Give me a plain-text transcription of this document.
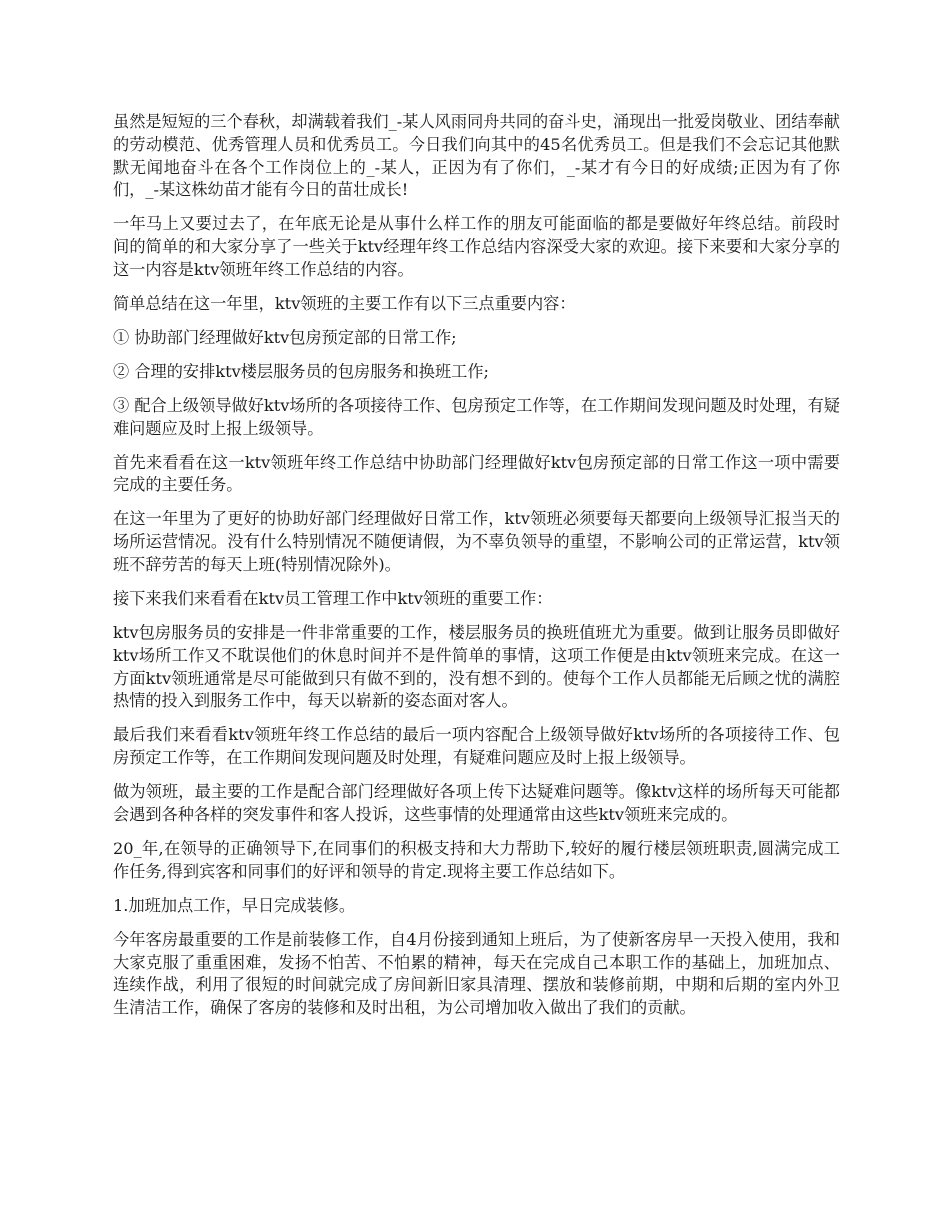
虽然是短短的三个春秋，却满载着我们_-某人风雨同舟共同的奋斗史，涌现出一批爱岗敬业、团结奉献的劳动模范、优秀管理人员和优秀员工。今日我们向其中的45名优秀员工。但是我们不会忘记其他默默无闻地奋斗在各个工作岗位上的_-某人，正因为有了你们，_-某才有今日的好成绩;正因为有了你们，_-某这株幼苗才能有今日的苗壮成长!

一年马上又要过去了，在年底无论是从事什么样工作的朋友可能面临的都是要做好年终总结。前段时间的简单的和大家分享了一些关于ktv经理年终工作总结内容深受大家的欢迎。接下来要和大家分享的这一内容是ktv领班年终工作总结的内容。

简单总结在这一年里，ktv领班的主要工作有以下三点重要内容：

① 协助部门经理做好ktv包房预定部的日常工作;

② 合理的安排ktv楼层服务员的包房服务和换班工作;

③ 配合上级领导做好ktv场所的各项接待工作、包房预定工作等，在工作期间发现问题及时处理，有疑难问题应及时上报上级领导。

首先来看看在这一ktv领班年终工作总结中协助部门经理做好ktv包房预定部的日常工作这一项中需要完成的主要任务。

在这一年里为了更好的协助好部门经理做好日常工作，ktv领班必须要每天都要向上级领导汇报当天的场所运营情况。没有什么特别情况不随便请假，为不辜负领导的重望，不影响公司的正常运营，ktv领班不辞劳苦的每天上班(特别情况除外)。

接下来我们来看看在ktv员工管理工作中ktv领班的重要工作：

ktv包房服务员的安排是一件非常重要的工作，楼层服务员的换班值班尤为重要。做到让服务员即做好ktv场所工作又不耽误他们的休息时间并不是件简单的事情，这项工作便是由ktv领班来完成。在这一方面ktv领班通常是尽可能做到只有做不到的，没有想不到的。使每个工作人员都能无后顾之忧的满腔热情的投入到服务工作中，每天以崭新的姿态面对客人。

最后我们来看看ktv领班年终工作总结的最后一项内容配合上级领导做好ktv场所的各项接待工作、包房预定工作等，在工作期间发现问题及时处理，有疑难问题应及时上报上级领导。

做为领班，最主要的工作是配合部门经理做好各项上传下达疑难问题等。像ktv这样的场所每天可能都会遇到各种各样的突发事件和客人投诉，这些事情的处理通常由这些ktv领班来完成的。

20_年,在领导的正确领导下,在同事们的积极支持和大力帮助下,较好的履行楼层领班职责,圆满完成工作任务,得到宾客和同事们的好评和领导的肯定.现将主要工作总结如下。

1.加班加点工作，早日完成装修。

今年客房最重要的工作是前装修工作，自4月份接到通知上班后，为了使新客房早一天投入使用，我和大家克服了重重困难，发扬不怕苦、不怕累的精神，每天在完成自己本职工作的基础上，加班加点、连续作战，利用了很短的时间就完成了房间新旧家具清理、摆放和装修前期，中期和后期的室内外卫生清洁工作，确保了客房的装修和及时出租，为公司增加收入做出了我们的贡献。
